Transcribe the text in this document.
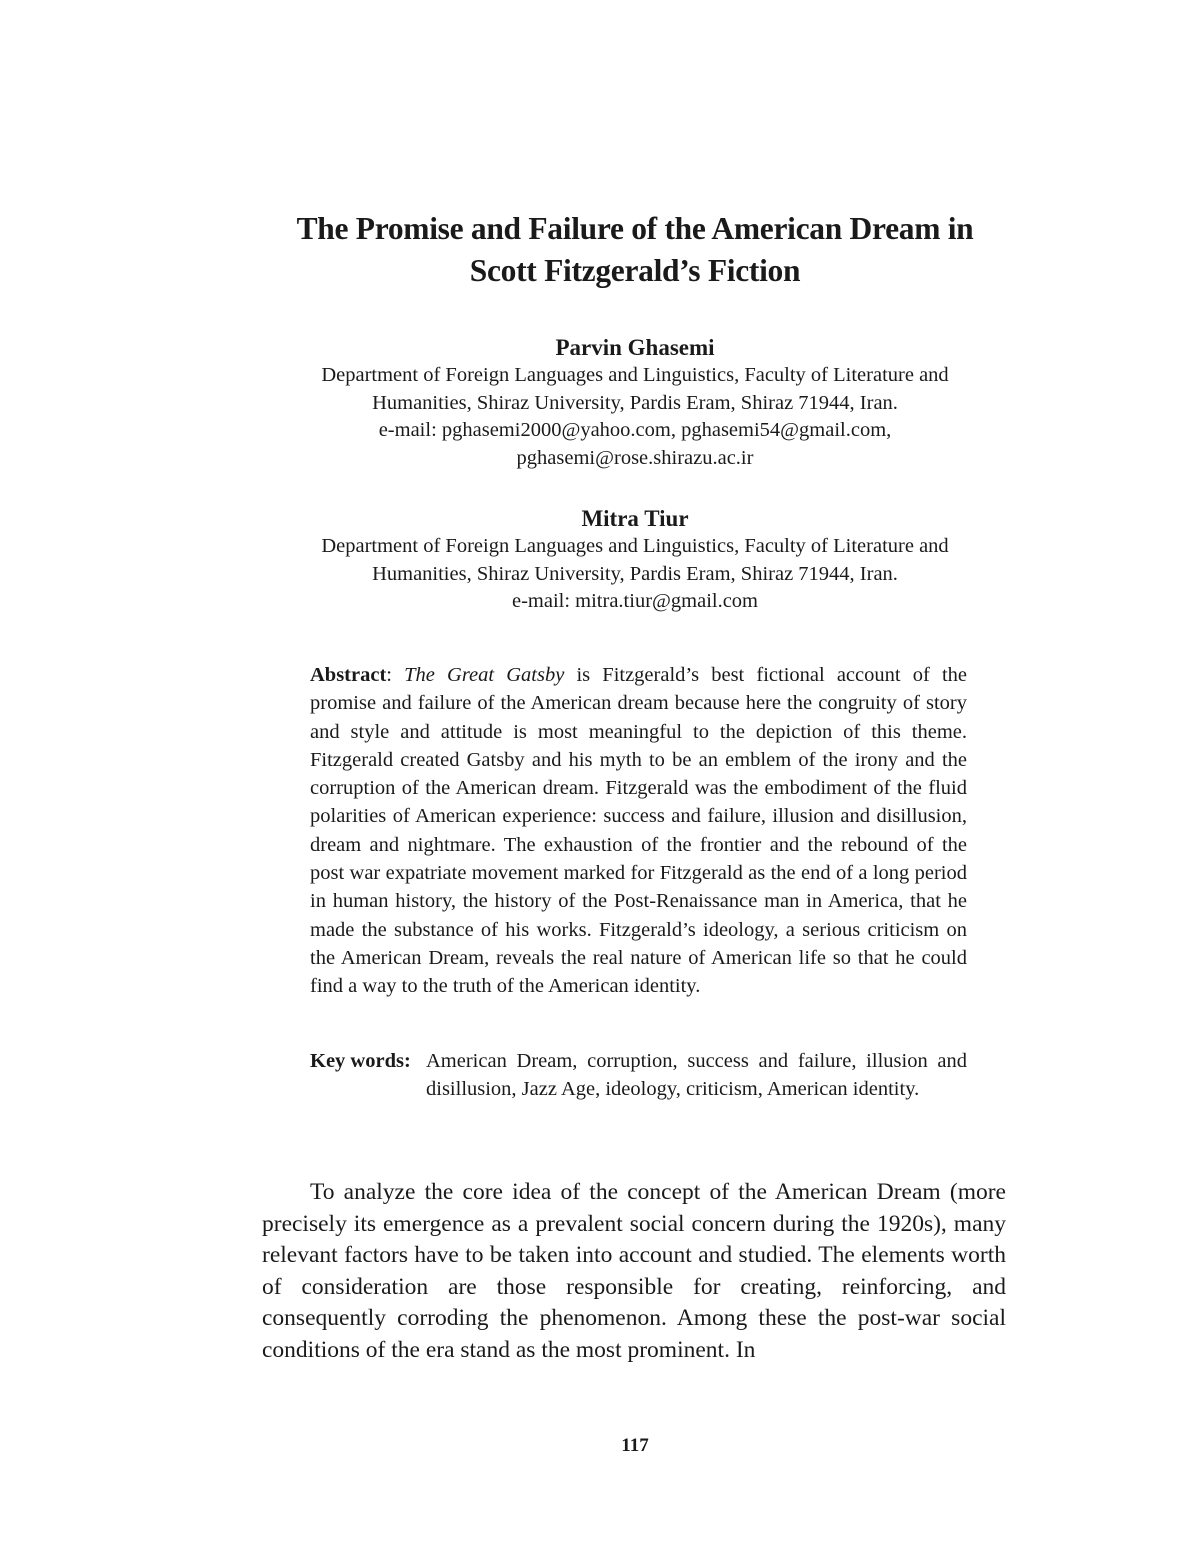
The Promise and Failure of the American Dream in
Scott Fitzgerald’s Fiction
Parvin Ghasemi
Department of Foreign Languages and Linguistics, Faculty of Literature and
Humanities, Shiraz University, Pardis Eram, Shiraz 71944, Iran.
e-mail: pghasemi2000@yahoo.com, pghasemi54@gmail.com,
pghasemi@rose.shirazu.ac.ir
Mitra Tiur
Department of Foreign Languages and Linguistics, Faculty of Literature and
Humanities, Shiraz University, Pardis Eram, Shiraz 71944, Iran.
e-mail: mitra.tiur@gmail.com
Abstract: The Great Gatsby is Fitzgerald’s best fictional account of the promise and failure of the American dream because here the congruity of story and style and attitude is most meaningful to the depiction of this theme. Fitzgerald created Gatsby and his myth to be an emblem of the irony and the corruption of the American dream. Fitzgerald was the embodiment of the fluid polarities of American experience: success and failure, illusion and disillusion, dream and nightmare. The exhaustion of the frontier and the rebound of the post war expatriate movement marked for Fitzgerald as the end of a long period in human history, the history of the Post-Renaissance man in America, that he made the substance of his works. Fitzgerald’s ideology, a serious criticism on the American Dream, reveals the real nature of American life so that he could find a way to the truth of the American identity.
Key words: American Dream, corruption, success and failure, illusion and disillusion, Jazz Age, ideology, criticism, American identity.
To analyze the core idea of the concept of the American Dream (more precisely its emergence as a prevalent social concern during the 1920s), many relevant factors have to be taken into account and studied. The elements worth of consideration are those responsible for creating, reinforcing, and consequently corroding the phenomenon. Among these the post-war social conditions of the era stand as the most prominent. In
117
